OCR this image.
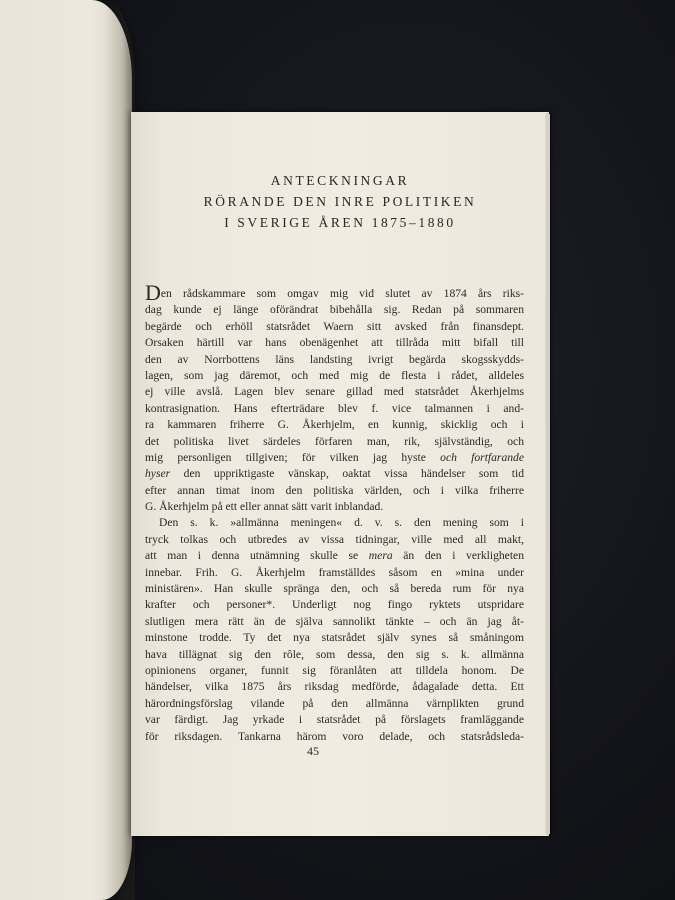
ANTECKNINGAR
RÖRANDE DEN INRE POLITIKEN
I SVERIGE ÅREN 1875–1880
Den rådskammare som omgav mig vid slutet av 1874 års riks-
dag kunde ej länge oförändrat bibehålla sig. Redan på sommaren
begärde och erhöll statsrådet Waern sitt avsked från finansdept.
Orsaken härtill var hans obenägenhet att tillråda mitt bifall till
den av Norrbottens läns landsting ivrigt begärda skogsskydds-
lagen, som jag däremot, och med mig de flesta i rådet, alldeles
ej ville avslå. Lagen blev senare gillad med statsrådet Åkerhjelms
kontrasignation. Hans efterträdare blev f. vice talmannen i and-
ra kammaren friherre G. Åkerhjelm, en kunnig, skicklig och i
det politiska livet särdeles förfaren man, rik, självständig, och
mig personligen tillgiven; för vilken jag hyste och fortfarande
hyser den uppriktigaste vänskap, oaktat vissa händelser som tid
efter annan timat inom den politiska världen, och i vilka friherre
G. Åkerhjelm på ett eller annat sätt varit inblandad.
Den s. k. »allmänna meningen« d. v. s. den mening som i
tryck tolkas och utbredes av vissa tidningar, ville med all makt,
att man i denna utnämning skulle se mera än den i verkligheten
innebar. Frih. G. Åkerhjelm framställdes såsom en »mina under
ministären». Han skulle spränga den, och så bereda rum för nya
krafter och personer*. Underligt nog fingo ryktets utspridare
slutligen mera rätt än de själva sannolikt tänkte – och än jag åt-
minstone trodde. Ty det nya statsrådet själv synes så småningom
hava tillägnat sig den rôle, som dessa, den sig s. k. allmänna
opinionens organer, funnit sig föranlåten att tilldela honom. De
händelser, vilka 1875 års riksdag medförde, ådagalade detta. Ett
härordningsförslag vilande på den allmänna värnplikten grund
var färdigt. Jag yrkade i statsrådet på förslagets framläggande
för riksdagen. Tankarna härom voro delade, och statsrådsleda-
45
